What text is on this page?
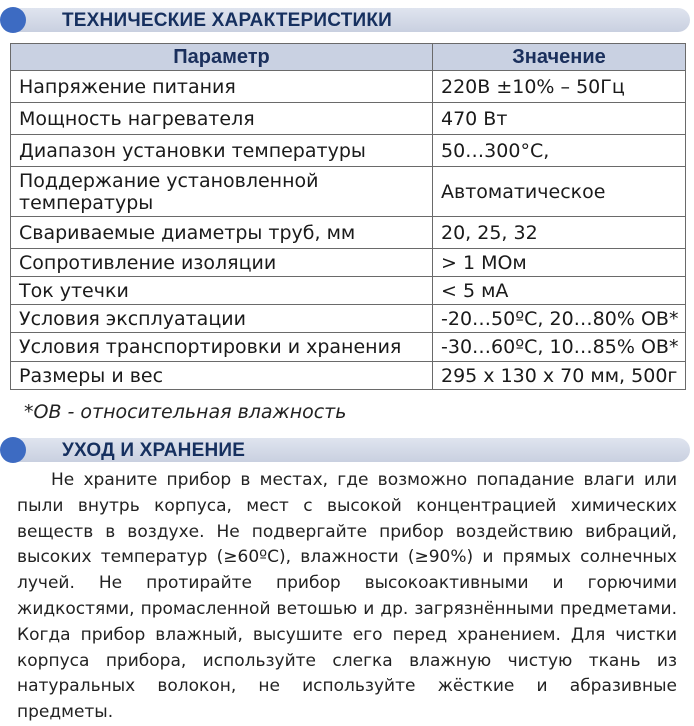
ТЕХНИЧЕСКИЕ ХАРАКТЕРИСТИКИ
Параметр	Значение
Напряжение питания	220В ±10% – 50Гц
Мощность нагревателя	470 Вт
Диапазон установки температуры	50…300°С,
Поддержание установленной температуры	Автоматическое
Свариваемые диаметры труб, мм	20, 25, 32
Сопротивление изоляции	> 1 МОм
Ток утечки	< 5 мА
Условия эксплуатации	-20…50ºС, 20…80% ОВ*
Условия транспортировки и хранения	-30…60ºС, 10…85% ОВ*
Размеры и вес	295 х 130 х 70 мм, 500г
*ОВ - относительная влажность
УХОД И ХРАНЕНИЕ
Не храните прибор в местах, где возможно попадание влаги или пыли внутрь корпуса, мест с высокой концентрацией химических веществ в воздухе. Не подвергайте прибор воздействию вибраций, высоких температур (≥60ºС), влажности (≥90%) и прямых солнечных лучей. Не протирайте прибор высокоактивными и горючими жидкостями, промасленной ветошью и др. загрязнёнными предметами. Когда прибор влажный, высушите его перед хранением. Для чистки корпуса прибора, используйте слегка влажную чистую ткань из натуральных волокон, не используйте жёсткие и абразивные предметы.
